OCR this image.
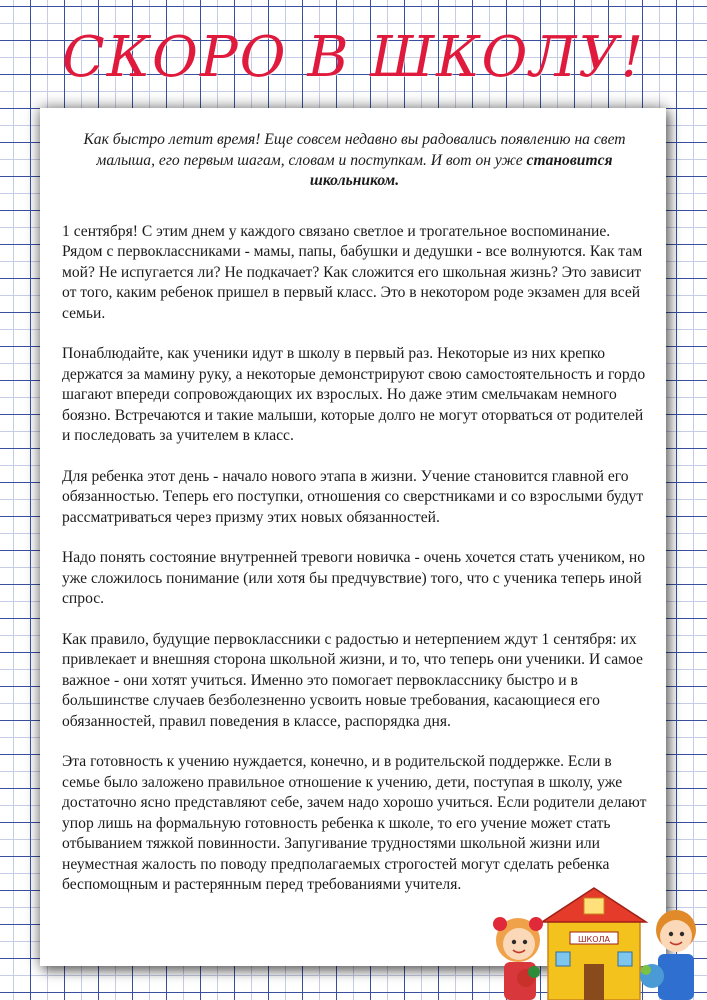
СКОРО В ШКОЛУ!

Как быстро летит время! Еще совсем недавно вы радовались появлению на свет малыша, его первым шагам, словам и поступкам. И вот он уже становится школьником.

1 сентября! С этим днем у каждого связано светлое и трогательное воспоминание. Рядом с первоклассниками - мамы, папы, бабушки и дедушки - все волнуются. Как там мой? Не испугается ли? Не подкачает? Как сложится его школьная жизнь? Это зависит от того, каким ребенок пришел в первый класс. Это в некотором роде экзамен для всей семьи.

Понаблюдайте, как ученики идут в школу в первый раз. Некоторые из них крепко держатся за мамину руку, а некоторые демонстрируют свою самостоятельность и гордо шагают впереди сопровождающих их взрослых. Но даже этим смельчакам немного боязно. Встречаются и такие малыши, которые долго не могут оторваться от родителей и последовать за учителем в класс.

Для ребенка этот день - начало нового этапа в жизни. Учение становится главной его обязанностью. Теперь его поступки, отношения со сверстниками и со взрослыми будут рассматриваться через призму этих новых обязанностей.

Надо понять состояние внутренней тревоги новичка - очень хочется стать учеником, но уже сложилось понимание (или хотя бы предчувствие) того, что с ученика теперь иной спрос.

Как правило, будущие первоклассники с радостью и нетерпением ждут 1 сентября: их привлекает и внешняя сторона школьной жизни, и то, что теперь они ученики. И самое важное - они хотят учиться. Именно это помогает первокласснику быстро и в большинстве случаев безболезненно усвоить новые требования, касающиеся его обязанностей, правил поведения в классе, распорядка дня.

Эта готовность к учению нуждается, конечно, и в родительской поддержке. Если в семье было заложено правильное отношение к учению, дети, поступая в школу, уже достаточно ясно представляют себе, зачем надо хорошо учиться. Если родители делают упор лишь на формальную готовность ребенка к школе, то его учение может стать отбыванием тяжкой повинности. Запугивание трудностями школьной жизни или неуместная жалость по поводу предполагаемых строгостей могут сделать ребенка беспомощным и растерянным перед требованиями учителя.

ШКОЛА
